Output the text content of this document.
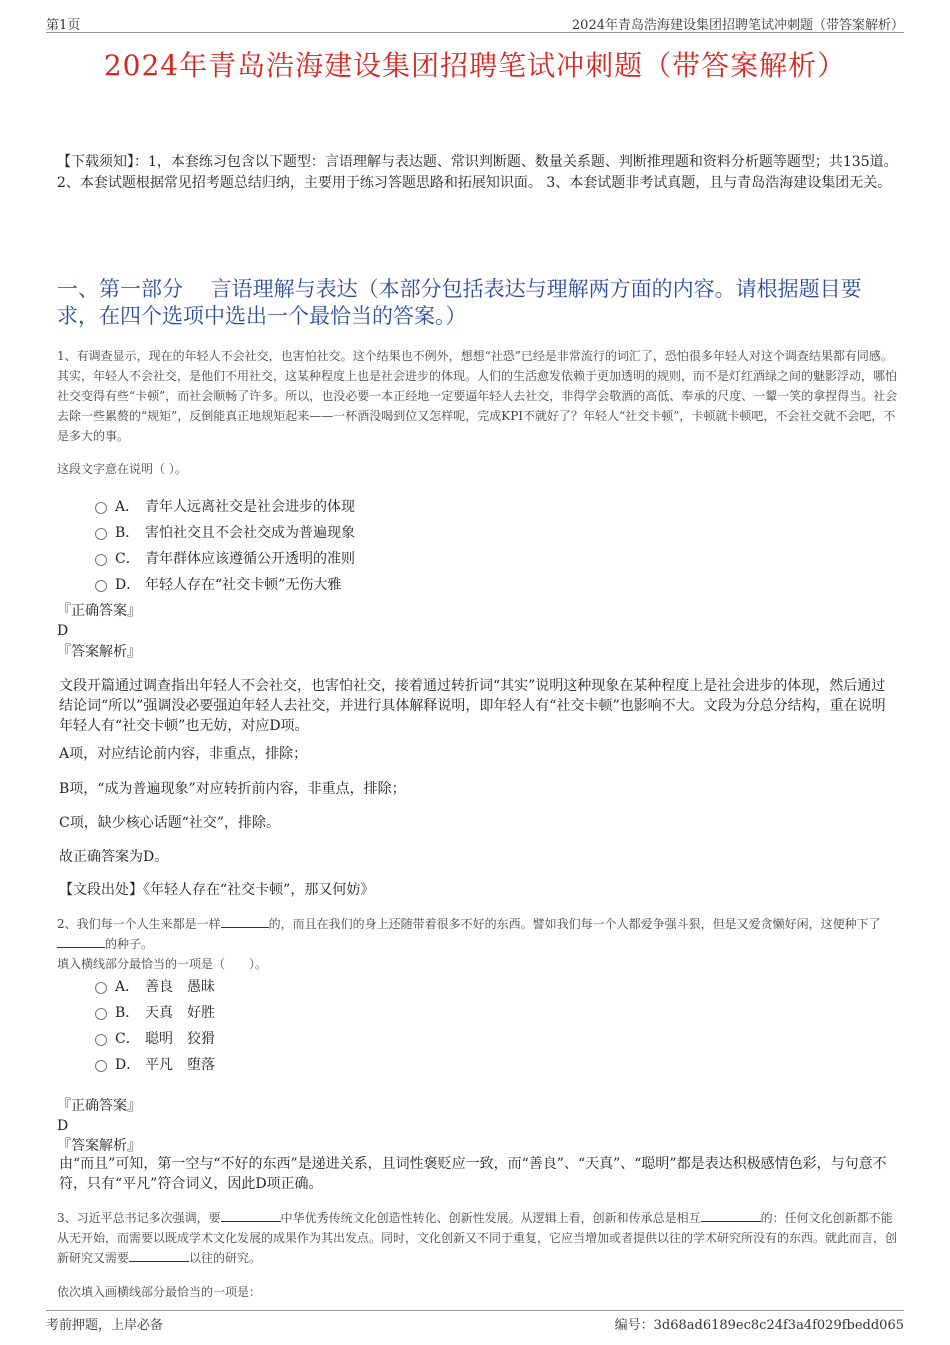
第1页	2024年青岛浩海建设集团招聘笔试冲刺题（带答案解析）
2024年青岛浩海建设集团招聘笔试冲刺题（带答案解析）
【下载须知】：1，本套练习包含以下题型：言语理解与表达题、常识判断题、数量关系题、判断推理题和资料分析题等题型；共135道。 2、本套试题根据常见招考题总结归纳，主要用于练习答题思路和拓展知识面。 3、本套试题非考试真题，且与青岛浩海建设集团无关。
一、第一部分　 言语理解与表达（本部分包括表达与理解两方面的内容。请根据题目要求，在四个选项中选出一个最恰当的答案。）
1、有调查显示，现在的年轻人不会社交，也害怕社交。这个结果也不例外，想想“社恐”已经是非常流行的词汇了，恐怕很多年轻人对这个调查结果都有同感。其实，年轻人不会社交，是他们不用社交，这某种程度上也是社会进步的体现。人们的生活愈发依赖于更加透明的规则，而不是灯红酒绿之间的魅影浮动，哪怕社交变得有些“卡顿”，而社会顺畅了许多。所以，也没必要一本正经地一定要逼年轻人去社交，非得学会敬酒的高低、奉承的尺度、一颦一笑的拿捏得当。社会去除一些累赘的“规矩”，反倒能真正地规矩起来——一杯酒没喝到位又怎样呢，完成KPI不就好了？年轻人“社交卡顿”，卡顿就卡顿吧，不会社交就不会吧，不是多大的事。
这段文字意在说明（ ）。
A． 青年人远离社交是社会进步的体现
B． 害怕社交且不会社交成为普遍现象
C． 青年群体应该遵循公开透明的准则
D． 年轻人存在“社交卡顿”无伤大雅
『正确答案』
D
『答案解析』
文段开篇通过调查指出年轻人不会社交，也害怕社交，接着通过转折词“其实”说明这种现象在某种程度上是社会进步的体现，然后通过结论词“所以”强调没必要强迫年轻人去社交，并进行具体解释说明，即年轻人有“社交卡顿”也影响不大。文段为分总分结构，重在说明年轻人有“社交卡顿”也无妨，对应D项。
A项，对应结论前内容，非重点，排除；
B项，“成为普遍现象”对应转折前内容，非重点，排除；
C项，缺少核心话题“社交”，排除。
故正确答案为D。
【文段出处】《年轻人存在“社交卡顿”，那又何妨》
2、我们每一个人生来都是一样	的，而且在我们的身上还随带着很多不好的东西。譬如我们每一个人都爱争强斗狠，但是又爱贪懒好闲，这便种下了的种子。
填入横线部分最恰当的一项是（　　）。
A． 善良　愚昧
B． 天真　好胜
C． 聪明　狡猾
D． 平凡　堕落
『正确答案』
D
『答案解析』
由“而且”可知，第一空与“不好的东西”是递进关系，且词性褒贬应一致，而“善良”、“天真”、“聪明”都是表达积极感情色彩，与句意不符，只有“平凡”符合词义，因此D项正确。
3、习近平总书记多次强调，要	中华优秀传统文化创造性转化、创新性发展。从逻辑上看，创新和传承总是相互	的：任何文化创新都不能从无开始，而需要以既成学术文化发展的成果作为其出发点。同时，文化创新又不同于重复，它应当增加或者提供以往的学术研究所没有的东西。就此而言，创新研究又需要	以往的研究。
依次填入画横线部分最恰当的一项是：
考前押题，上岸必备	编号：3d68ad6189ec8c24f3a4f029fbedd065
